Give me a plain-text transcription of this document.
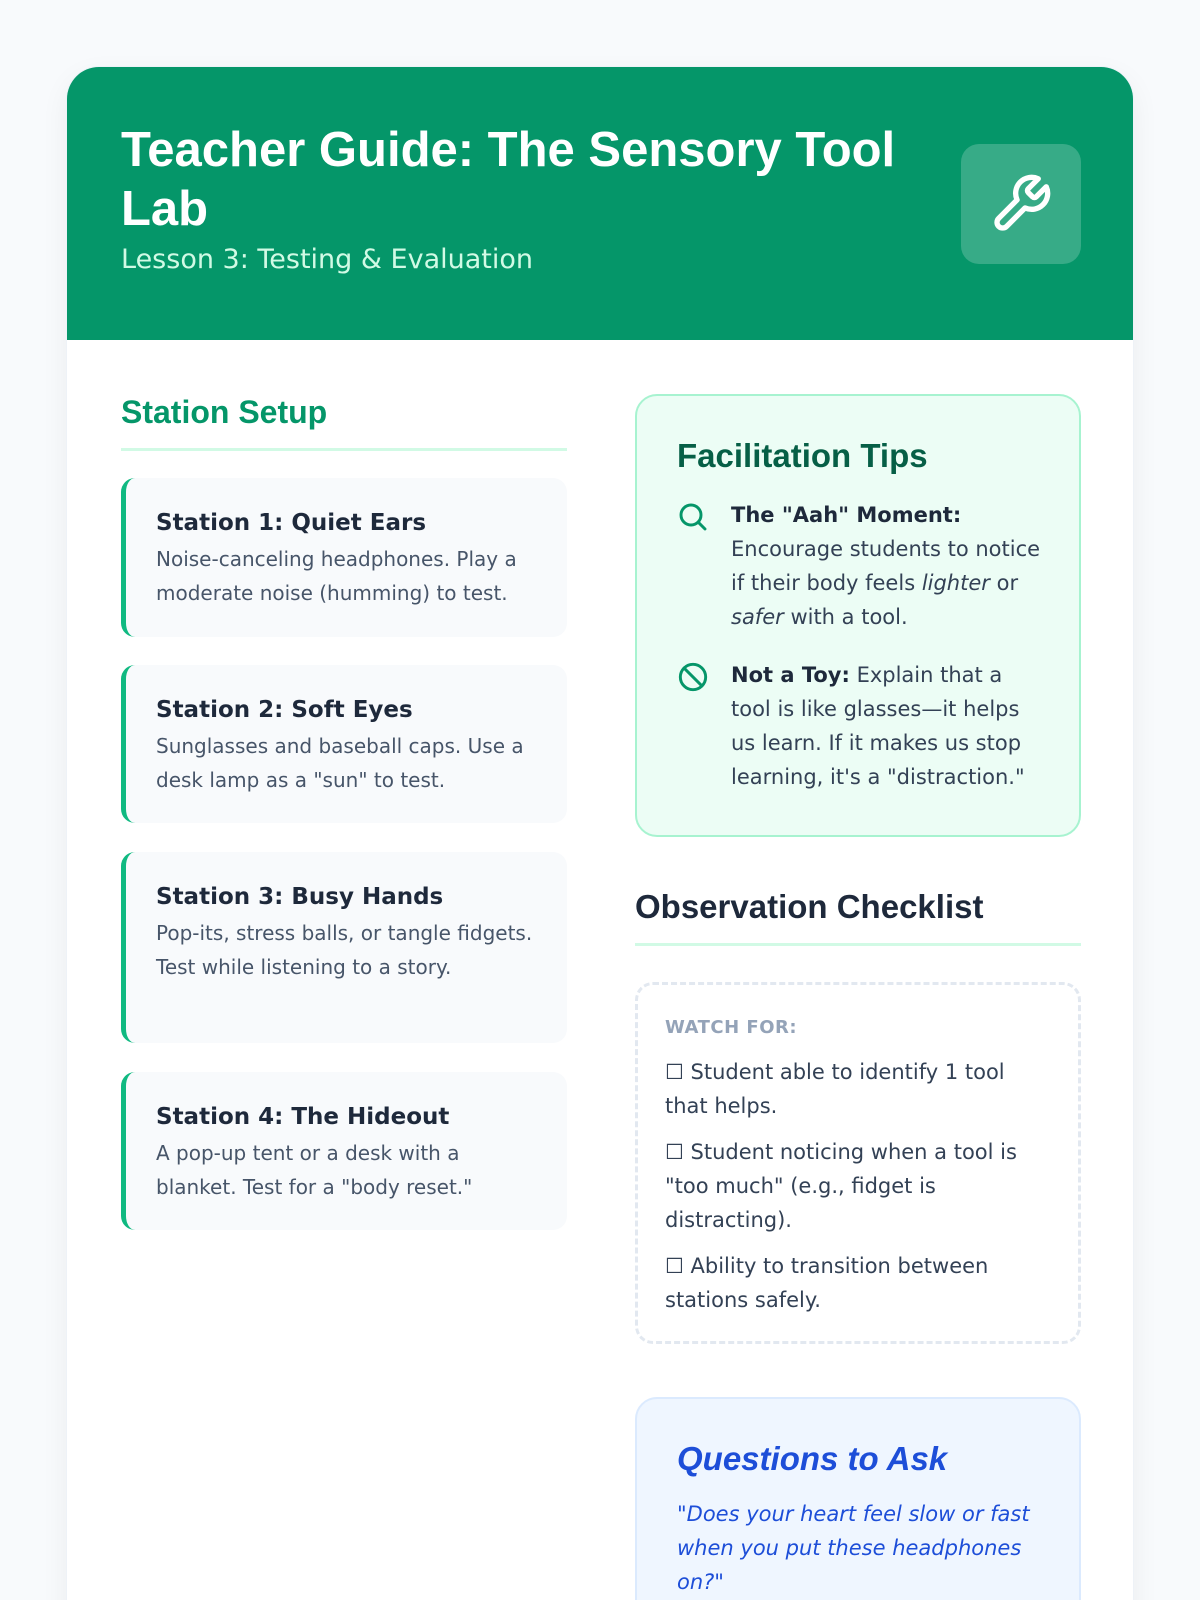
Teacher Guide: The Sensory Tool Lab
Lesson 3: Testing & Evaluation
Station Setup
Station 1: Quiet Ears
Noise-canceling headphones. Play a moderate noise (humming) to test.
Station 2: Soft Eyes
Sunglasses and baseball caps. Use a desk lamp as a "sun" to test.
Station 3: Busy Hands
Pop-its, stress balls, or tangle fidgets. Test while listening to a story.
Station 4: The Hideout
A pop-up tent or a desk with a blanket. Test for a "body reset."
Facilitation Tips
The "Aah" Moment: Encourage students to notice if their body feels lighter or safer with a tool.
Not a Toy: Explain that a tool is like glasses—it helps us learn. If it makes us stop learning, it's a "distraction."
Observation Checklist
WATCH FOR:
☐ Student able to identify 1 tool that helps.
☐ Student noticing when a tool is "too much" (e.g., fidget is distracting).
☐ Ability to transition between stations safely.
Questions to Ask
"Does your heart feel slow or fast when you put these headphones on?"
